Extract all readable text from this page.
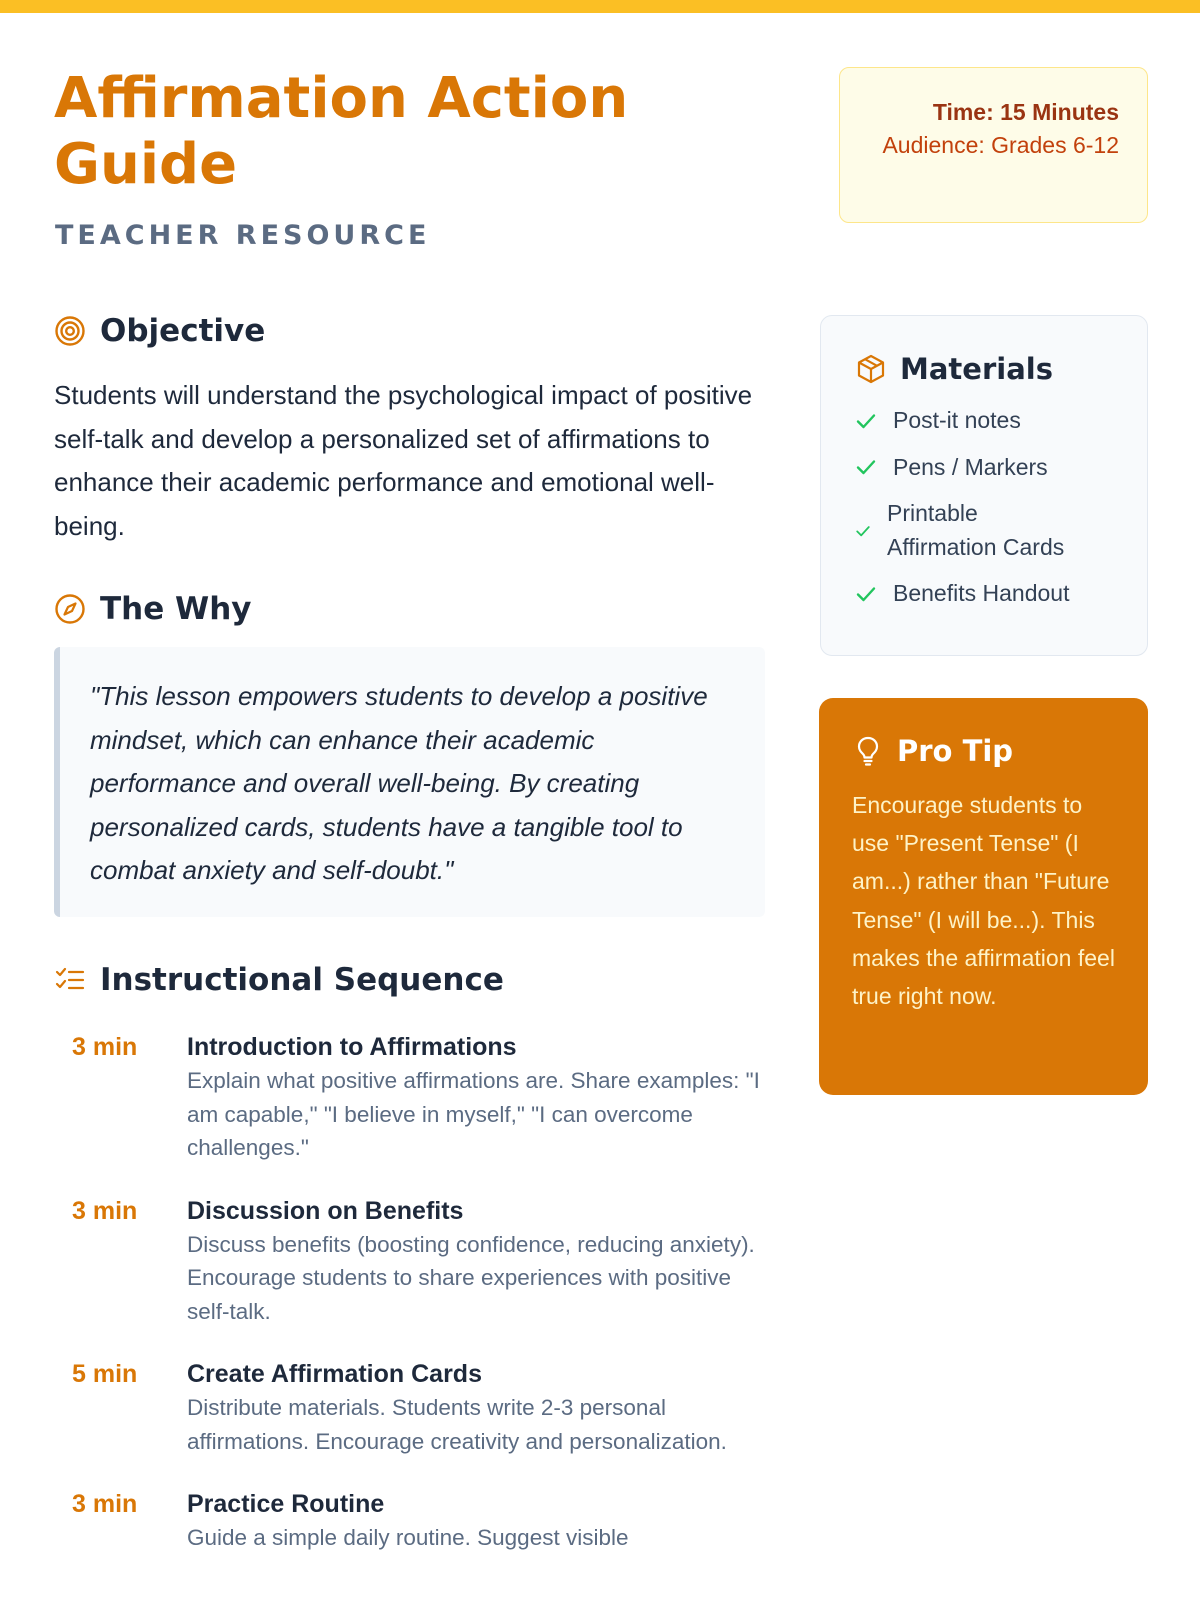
Affirmation Action Guide
TEACHER RESOURCE
Time: 15 Minutes
Audience: Grades 6-12
Objective

Students will understand the psychological impact of positive self-talk and develop a personalized set of affirmations to enhance their academic performance and emotional well-being.

The Why
"This lesson empowers students to develop a positive mindset, which can enhance their academic performance and overall well-being. By creating personalized cards, students have a tangible tool to combat anxiety and self-doubt."
Instructional Sequence
3 min	Introduction to Affirmations
Explain what positive affirmations are. Share examples: "I am capable," "I believe in myself," "I can overcome challenges."
3 min	Discussion on Benefits
Discuss benefits (boosting confidence, reducing anxiety). Encourage students to share experiences with positive self-talk.
5 min	Create Affirmation Cards
Distribute materials. Students write 2-3 personal affirmations. Encourage creativity and personalization.
3 min	Practice Routine
Guide a simple daily routine. Suggest visible
Materials
Post-it notes
Pens / Markers
Printable Affirmation Cards
Benefits Handout
Pro Tip

Encourage students to use "Present Tense" (I am...) rather than "Future Tense" (I will be...). This makes the affirmation feel true right now.
